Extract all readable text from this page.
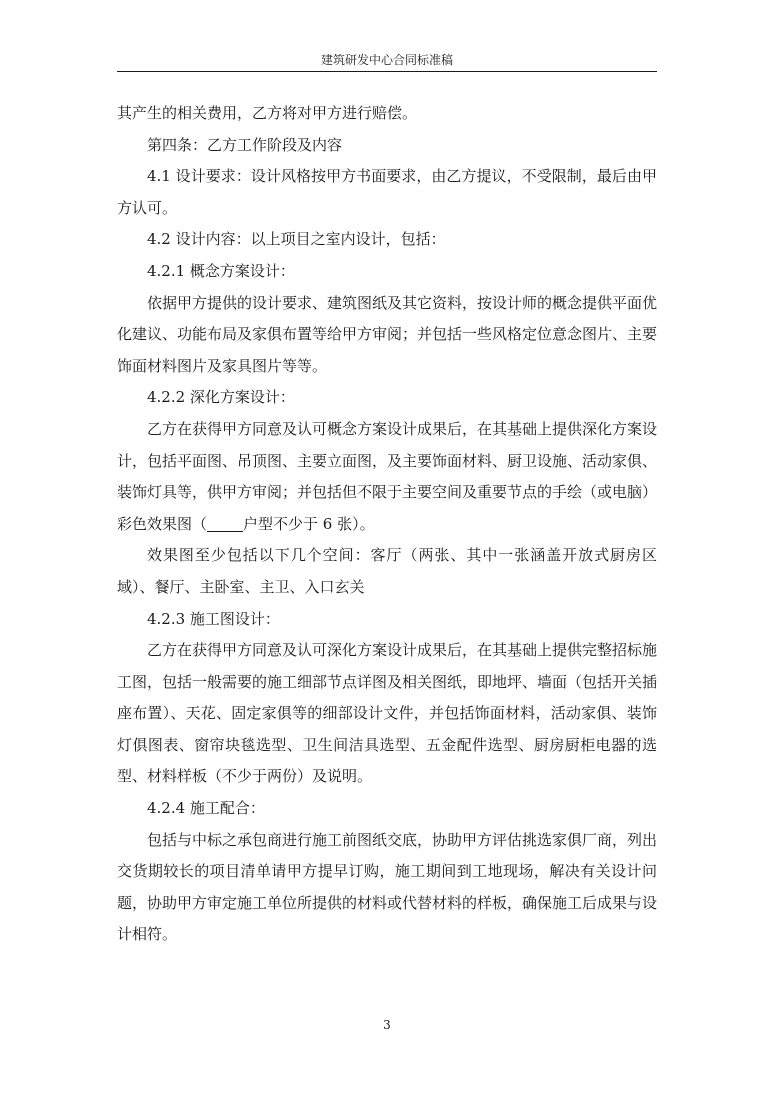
建筑研发中心合同标准稿

其产生的相关费用，乙方将对甲方进行赔偿。

第四条：乙方工作阶段及内容

4.1 设计要求：设计风格按甲方书面要求，由乙方提议，不受限制，最后由甲方认可。

4.2 设计内容：以上项目之室内设计，包括：

4.2.1 概念方案设计：

依据甲方提供的设计要求、建筑图纸及其它资料，按设计师的概念提供平面优化建议、功能布局及家俱布置等给甲方审阅；并包括一些风格定位意念图片、主要饰面材料图片及家具图片等等。

4.2.2 深化方案设计：

乙方在获得甲方同意及认可概念方案设计成果后，在其基础上提供深化方案设计，包括平面图、吊顶图、主要立面图，及主要饰面材料、厨卫设施、活动家俱、装饰灯具等，供甲方审阅；并包括但不限于主要空间及重要节点的手绘（或电脑）彩色效果图（ 户型不少于 6 张）。

效果图至少包括以下几个空间：客厅（两张、其中一张涵盖开放式厨房区域）、餐厅、主卧室、主卫、入口玄关

4.2.3 施工图设计：

乙方在获得甲方同意及认可深化方案设计成果后，在其基础上提供完整招标施工图，包括一般需要的施工细部节点详图及相关图纸，即地坪、墙面（包括开关插座布置）、天花、固定家俱等的细部设计文件，并包括饰面材料，活动家俱、装饰灯俱图表、窗帘块毯选型、卫生间洁具选型、五金配件选型、厨房厨柜电器的选型、材料样板（不少于两份）及说明。

4.2.4 施工配合：

包括与中标之承包商进行施工前图纸交底，协助甲方评估挑选家俱厂商，列出交货期较长的项目清单请甲方提早订购，施工期间到工地现场，解决有关设计问题，协助甲方审定施工单位所提供的材料或代替材料的样板，确保施工后成果与设计相符。

3
